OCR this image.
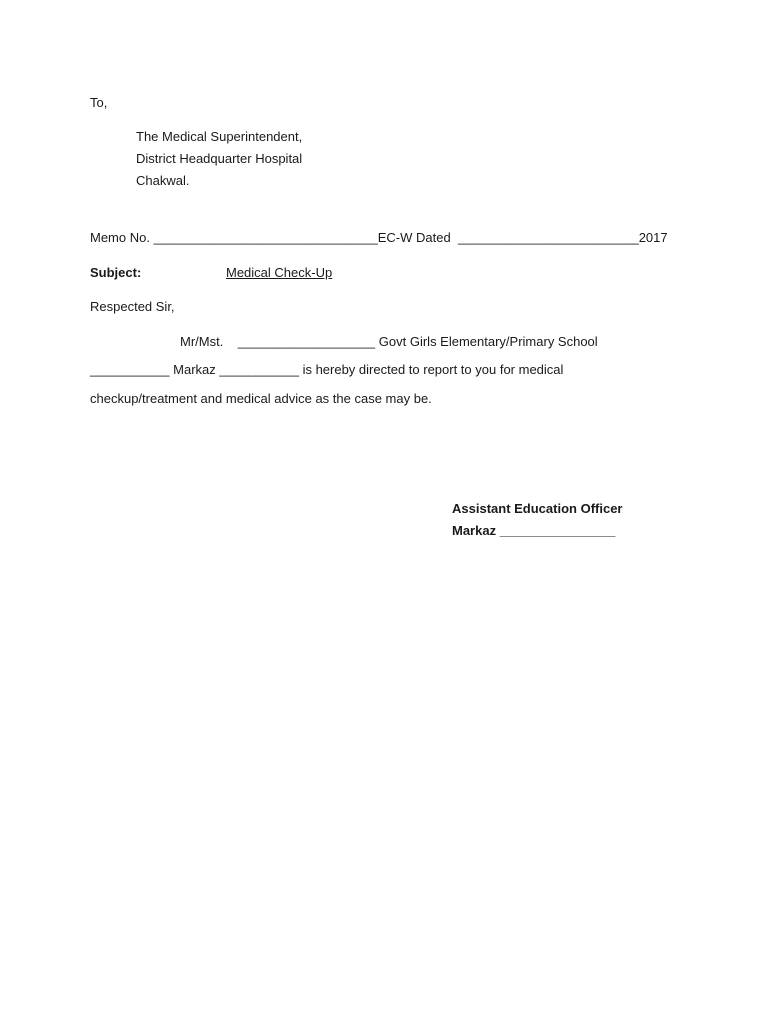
To,
The Medical Superintendent,
District Headquarter Hospital
Chakwal.
Memo No. _______________________________EC-W Dated _________________________2017
Subject:	Medical Check-Up
Respected Sir,
Mr/Mst. ___________________ Govt Girls Elementary/Primary School
___________ Markaz ___________ is hereby directed to report to you for medical
checkup/treatment and medical advice as the case may be.
Assistant Education Officer
Markaz ________________
